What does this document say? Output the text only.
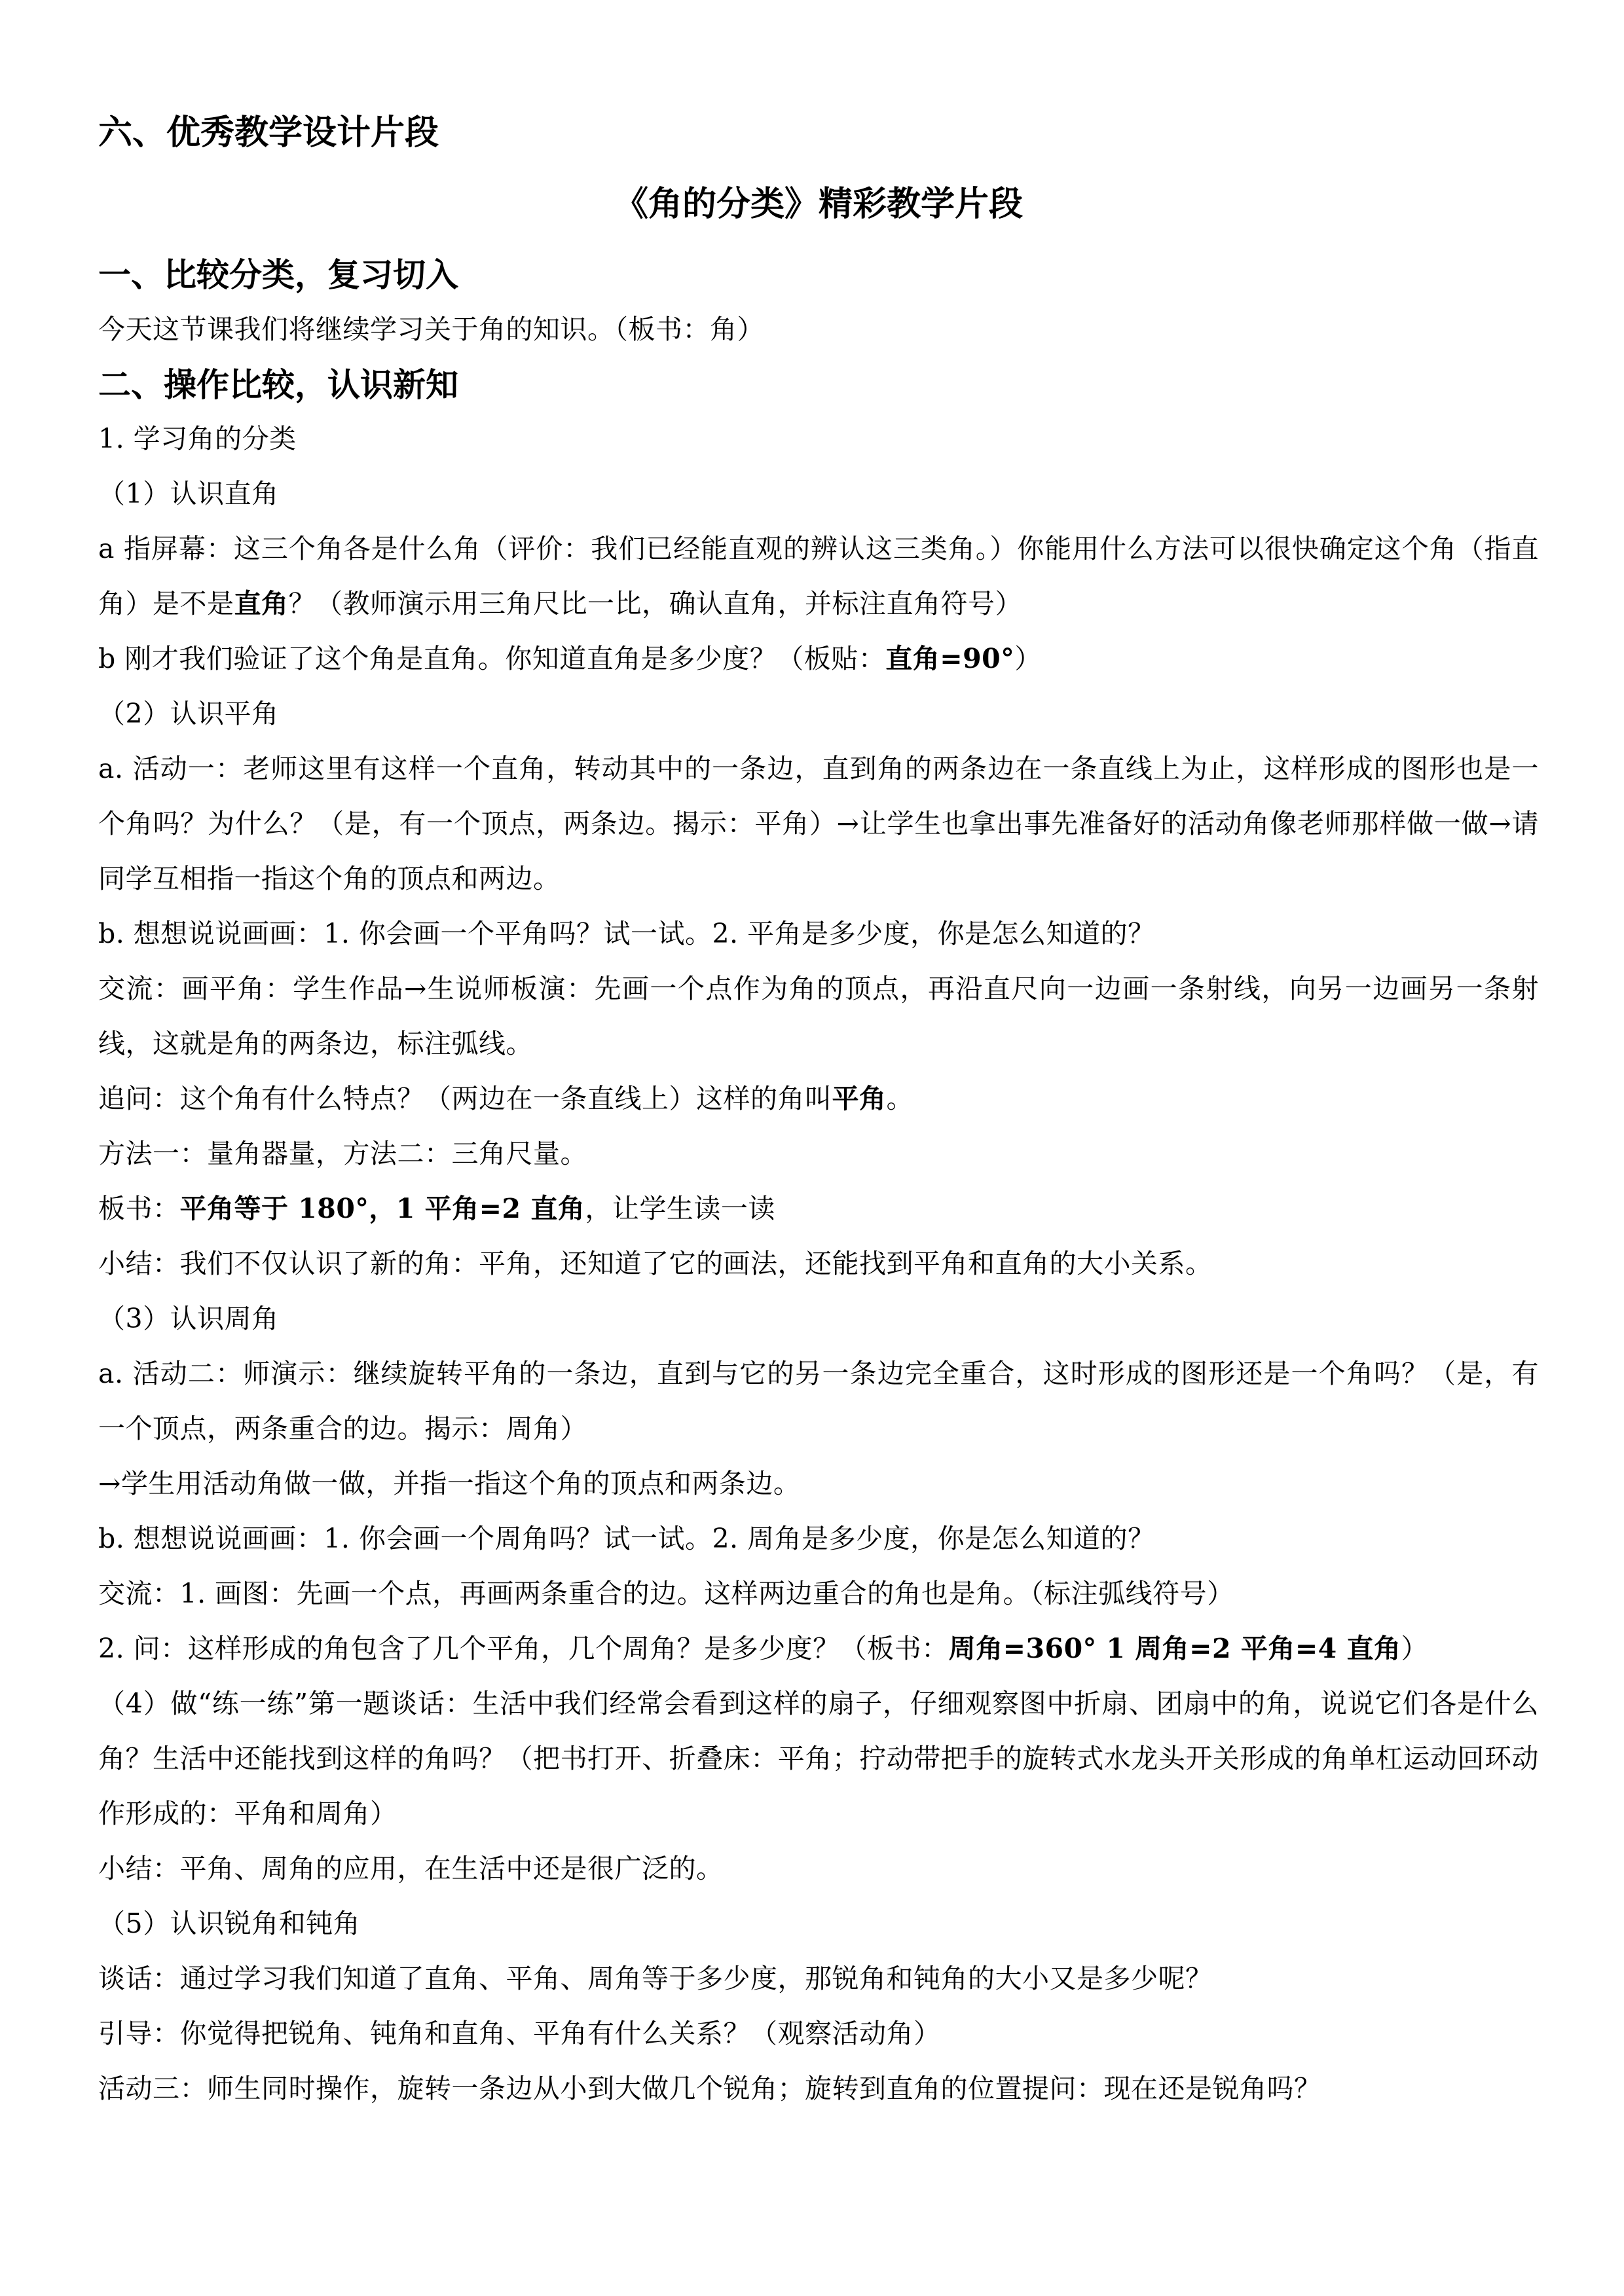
六、优秀教学设计片段
《角的分类》精彩教学片段
一、比较分类，复习切入

今天这节课我们将继续学习关于角的知识。（板书：角）

二、操作比较，认识新知

1. 学习角的分类

（1）认识直角

a 指屏幕：这三个角各是什么角（评价：我们已经能直观的辨认这三类角。）你能用什么方法可以很快确定这个角（指直角）是不是直角？（教师演示用三角尺比一比，确认直角，并标注直角符号）

b 刚才我们验证了这个角是直角。你知道直角是多少度？（板贴：直角=90°）

（2）认识平角

a. 活动一：老师这里有这样一个直角，转动其中的一条边，直到角的两条边在一条直线上为止，这样形成的图形也是一个角吗？为什么？（是，有一个顶点，两条边。揭示：平角）→让学生也拿出事先准备好的活动角像老师那样做一做→请同学互相指一指这个角的顶点和两边。

b. 想想说说画画：1. 你会画一个平角吗？试一试。2. 平角是多少度，你是怎么知道的？

交流：画平角：学生作品→生说师板演：先画一个点作为角的顶点，再沿直尺向一边画一条射线，向另一边画另一条射线，这就是角的两条边，标注弧线。

追问：这个角有什么特点？（两边在一条直线上）这样的角叫平角。

方法一：量角器量，方法二：三角尺量。

板书：平角等于 180°，1 平角=2 直角，让学生读一读

小结：我们不仅认识了新的角：平角，还知道了它的画法，还能找到平角和直角的大小关系。

（3）认识周角

a. 活动二：师演示：继续旋转平角的一条边，直到与它的另一条边完全重合，这时形成的图形还是一个角吗？（是，有一个顶点，两条重合的边。揭示：周角）

→学生用活动角做一做，并指一指这个角的顶点和两条边。

b. 想想说说画画：1. 你会画一个周角吗？试一试。2. 周角是多少度，你是怎么知道的？

交流：1. 画图：先画一个点，再画两条重合的边。这样两边重合的角也是角。（标注弧线符号）

2. 问：这样形成的角包含了几个平角，几个周角？是多少度？（板书：周角=360° 1 周角=2 平角=4 直角）

（4）做“练一练”第一题谈话：生活中我们经常会看到这样的扇子，仔细观察图中折扇、团扇中的角，说说它们各是什么角？生活中还能找到这样的角吗？（把书打开、折叠床：平角；拧动带把手的旋转式水龙头开关形成的角单杠运动回环动作形成的：平角和周角）

小结：平角、周角的应用，在生活中还是很广泛的。

（5）认识锐角和钝角

谈话：通过学习我们知道了直角、平角、周角等于多少度，那锐角和钝角的大小又是多少呢？

引导：你觉得把锐角、钝角和直角、平角有什么关系？（观察活动角）

活动三：师生同时操作，旋转一条边从小到大做几个锐角；旋转到直角的位置提问：现在还是锐角吗？
